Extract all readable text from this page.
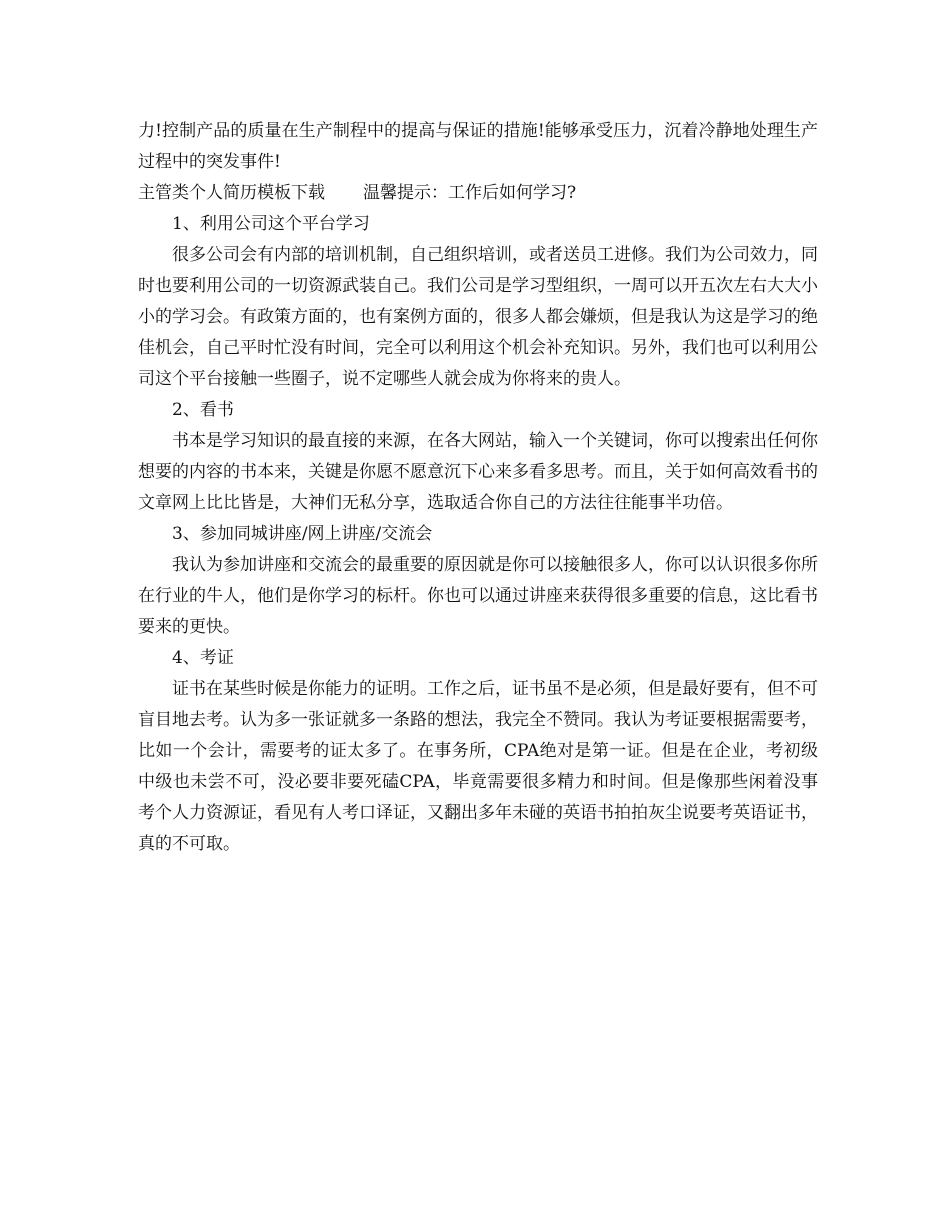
力!控制产品的质量在生产制程中的提高与保证的措施!能够承受压力，沉着冷静地处理生产过程中的突发事件!

主管类个人简历模板下载 温馨提示：工作后如何学习?

1、利用公司这个平台学习

很多公司会有内部的培训机制，自己组织培训，或者送员工进修。我们为公司效力，同时也要利用公司的一切资源武装自己。我们公司是学习型组织，一周可以开五次左右大大小小的学习会。有政策方面的，也有案例方面的，很多人都会嫌烦，但是我认为这是学习的绝佳机会，自己平时忙没有时间，完全可以利用这个机会补充知识。另外，我们也可以利用公司这个平台接触一些圈子，说不定哪些人就会成为你将来的贵人。

2、看书

书本是学习知识的最直接的来源，在各大网站，输入一个关键词，你可以搜索出任何你想要的内容的书本来，关键是你愿不愿意沉下心来多看多思考。而且，关于如何高效看书的文章网上比比皆是，大神们无私分享，选取适合你自己的方法往往能事半功倍。

3、参加同城讲座/网上讲座/交流会

我认为参加讲座和交流会的最重要的原因就是你可以接触很多人，你可以认识很多你所在行业的牛人，他们是你学习的标杆。你也可以通过讲座来获得很多重要的信息，这比看书要来的更快。

4、考证

证书在某些时候是你能力的证明。工作之后，证书虽不是必须，但是最好要有，但不可盲目地去考。认为多一张证就多一条路的想法，我完全不赞同。我认为考证要根据需要考，比如一个会计，需要考的证太多了。在事务所，CPA绝对是第一证。但是在企业，考初级中级也未尝不可，没必要非要死磕CPA，毕竟需要很多精力和时间。但是像那些闲着没事考个人力资源证，看见有人考口译证，又翻出多年未碰的英语书拍拍灰尘说要考英语证书，真的不可取。
